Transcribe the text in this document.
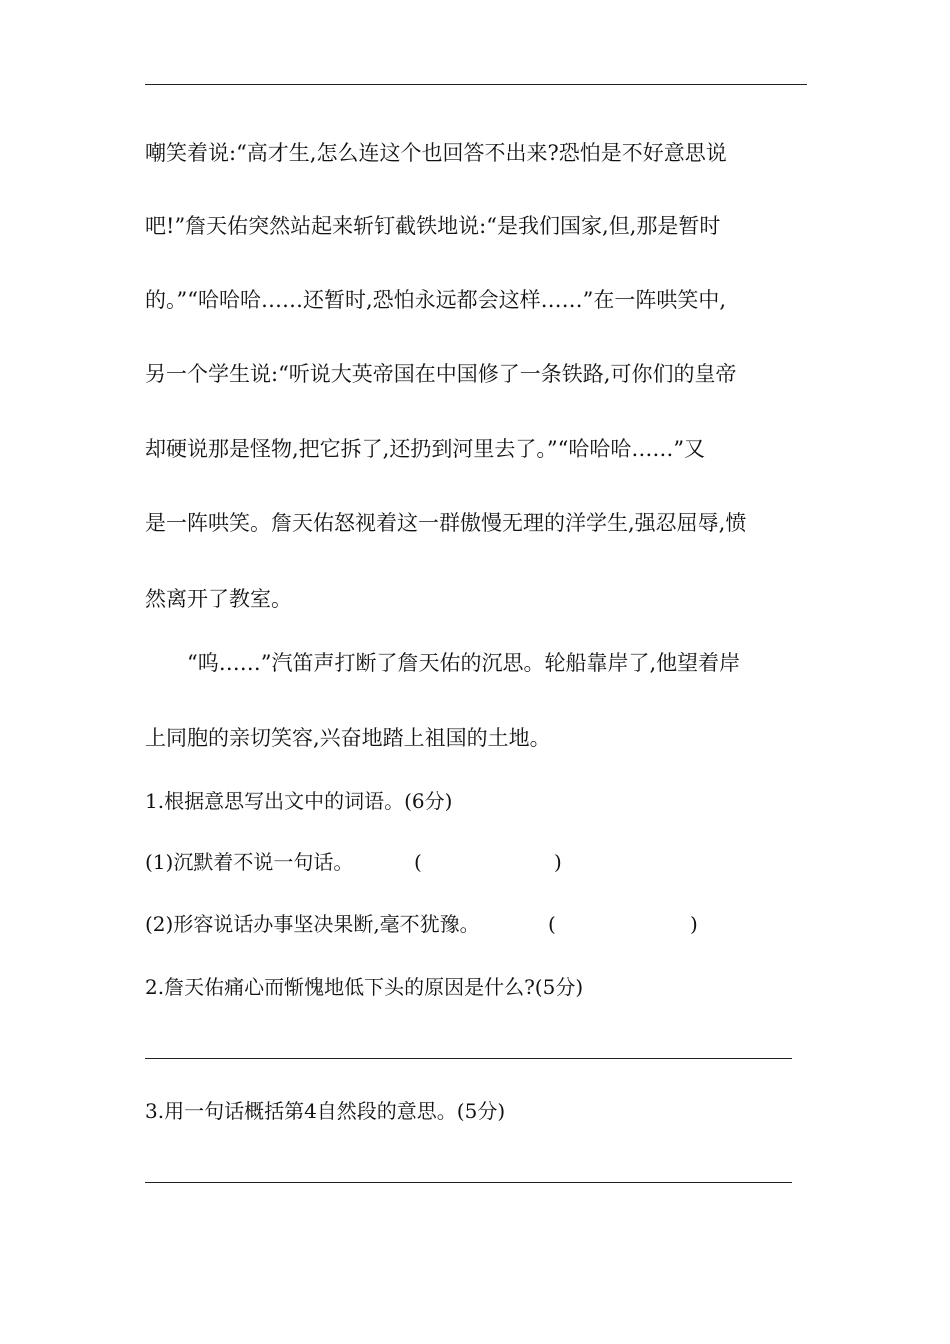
嘲笑着说:“高才生,怎么连这个也回答不出来?恐怕是不好意思说
吧!”詹天佑突然站起来斩钉截铁地说:“是我们国家,但,那是暂时
的。”“哈哈哈……还暂时,恐怕永远都会这样……”在一阵哄笑中,
另一个学生说:“听说大英帝国在中国修了一条铁路,可你们的皇帝
却硬说那是怪物,把它拆了,还扔到河里去了。”“哈哈哈……”又
是一阵哄笑。詹天佑怒视着这一群傲慢无理的洋学生,强忍屈辱,愤
然离开了教室。
“呜……”汽笛声打断了詹天佑的沉思。轮船靠岸了,他望着岸
上同胞的亲切笑容,兴奋地踏上祖国的土地。
1.根据意思写出文中的词语。(6分)
(1)沉默着不说一句话。	(	)
(2)形容说话办事坚决果断,毫不犹豫。	(	)
2.詹天佑痛心而惭愧地低下头的原因是什么?(5分)
3.用一句话概括第4自然段的意思。(5分)
